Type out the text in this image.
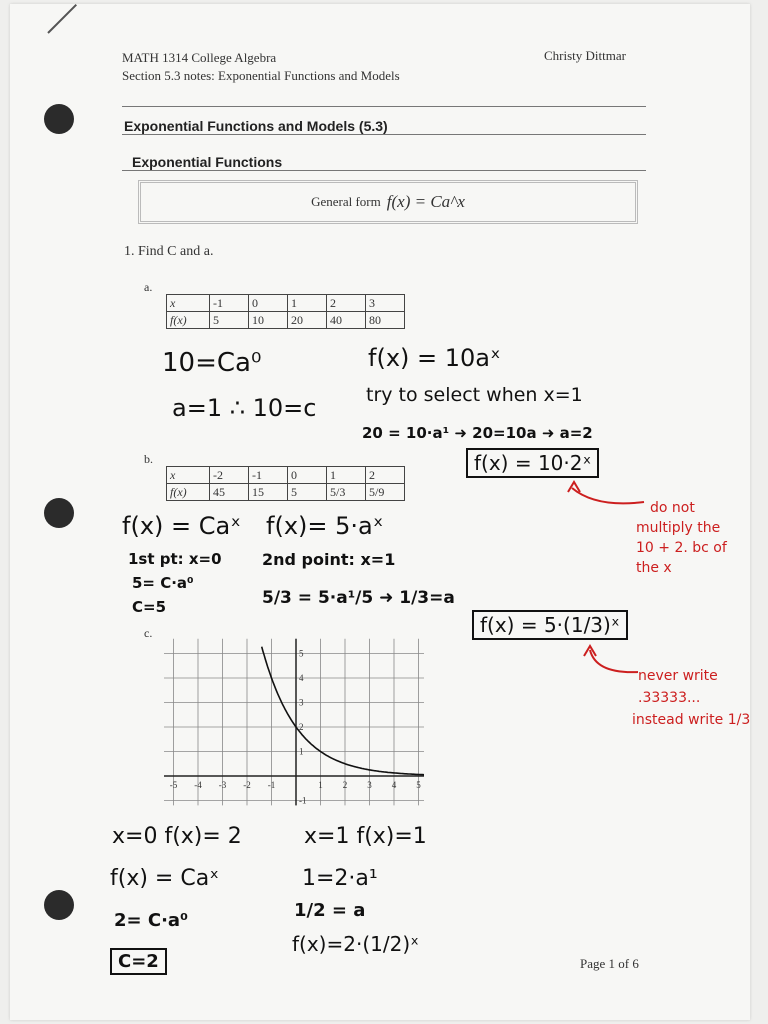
MATH 1314 College Algebra
Section 5.3 notes: Exponential Functions and Models
Christy Dittmar
Exponential Functions and Models (5.3)
Exponential Functions
General form f(x) = Ca^x
1. Find C and a.
a.
x	-1	0	1	2	3
f(x)	5	10	20	40	80
10=Ca⁰
a=1 ∴ 10=c
f(x) = 10aˣ
try to select when x=1
20 = 10·a¹ ➜ 20=10a ➜ a=2
f(x) = 10·2ˣ
do not
multiply the
10 + 2. bc of
the x
b.
x	-2	-1	0	1	2
f(x)	45	15	5	5/3	5/9
f(x) = Caˣ f(x)= 5·aˣ
1st pt: x=0
5= C·a⁰
C=5
2nd point: x=1
5/3 = 5·a¹/5 ➜ 1/3=a
f(x) = 5·(1/3)ˣ
never write
.33333...
instead write 1/3
c.
-5 -4 -3 -2 -1	1 2 3 4 5
5
4
3
2
1
-1
x=0 f(x)= 2
f(x) = Caˣ
2= C·a⁰
C=2
x=1 f(x)=1
1=2·a¹
1/2 = a
f(x)=2·(1/2)ˣ
Page 1 of 6
